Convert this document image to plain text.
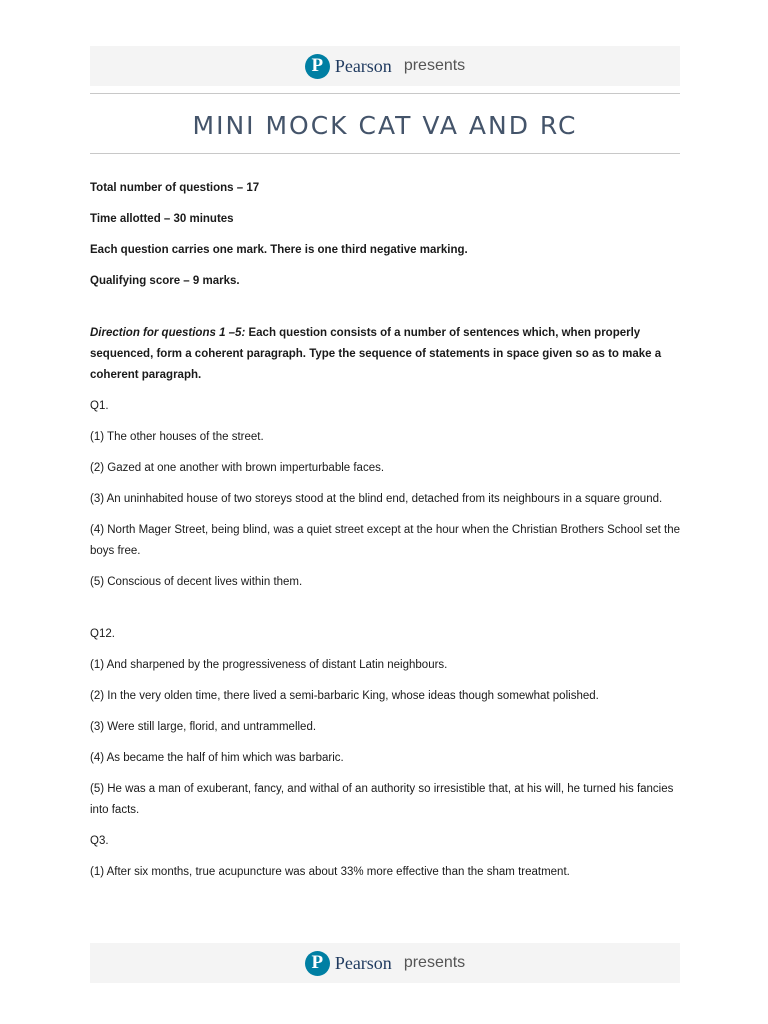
P Pearson presents
MINI MOCK CAT VA AND RC

Total number of questions – 17

Time allotted – 30 minutes

Each question carries one mark. There is one third negative marking.

Qualifying score – 9 marks.

Direction for questions 1 –5: Each question consists of a number of sentences which, when properly sequenced, form a coherent paragraph. Type the sequence of statements in space given so as to make a coherent paragraph.

Q1.

(1) The other houses of the street.

(2) Gazed at one another with brown imperturbable faces.

(3) An uninhabited house of two storeys stood at the blind end, detached from its neighbours in a square ground.

(4) North Mager Street, being blind, was a quiet street except at the hour when the Christian Brothers School set the boys free.

(5) Conscious of decent lives within them.

Q12.

(1) And sharpened by the progressiveness of distant Latin neighbours.

(2) In the very olden time, there lived a semi-barbaric King, whose ideas though somewhat polished.

(3) Were still large, florid, and untrammelled.

(4) As became the half of him which was barbaric.

(5) He was a man of exuberant, fancy, and withal of an authority so irresistible that, at his will, he turned his fancies into facts.

Q3.

(1) After six months, true acupuncture was about 33% more effective than the sham treatment.

P Pearson presents
